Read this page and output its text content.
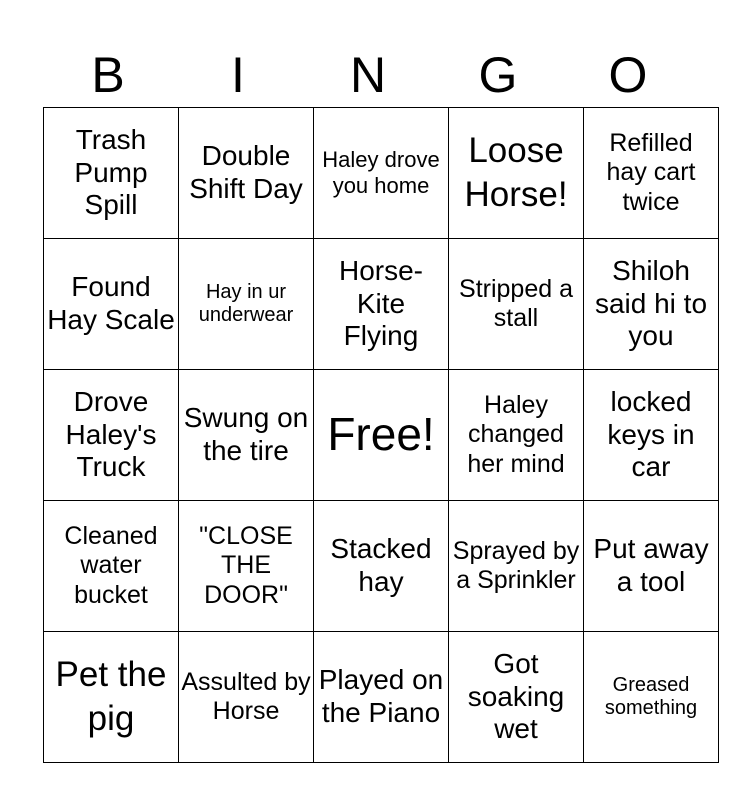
B	I	N	G	O
Trash Pump Spill	Double Shift Day	Haley drove you home	Loose Horse!	Refilled hay cart twice

Found Hay Scale	Hay in ur underwear	Horse-Kite Flying	Stripped a stall	Shiloh said hi to you

Drove Haley's Truck	Swung on the tire	Free!	Haley changed her mind	locked keys in car

Cleaned water bucket	"CLOSE THE DOOR"	Stacked hay	Sprayed by a Sprinkler	Put away a tool

Pet the pig	Assulted by Horse	Played on the Piano	Got soaking wet	Greased something
